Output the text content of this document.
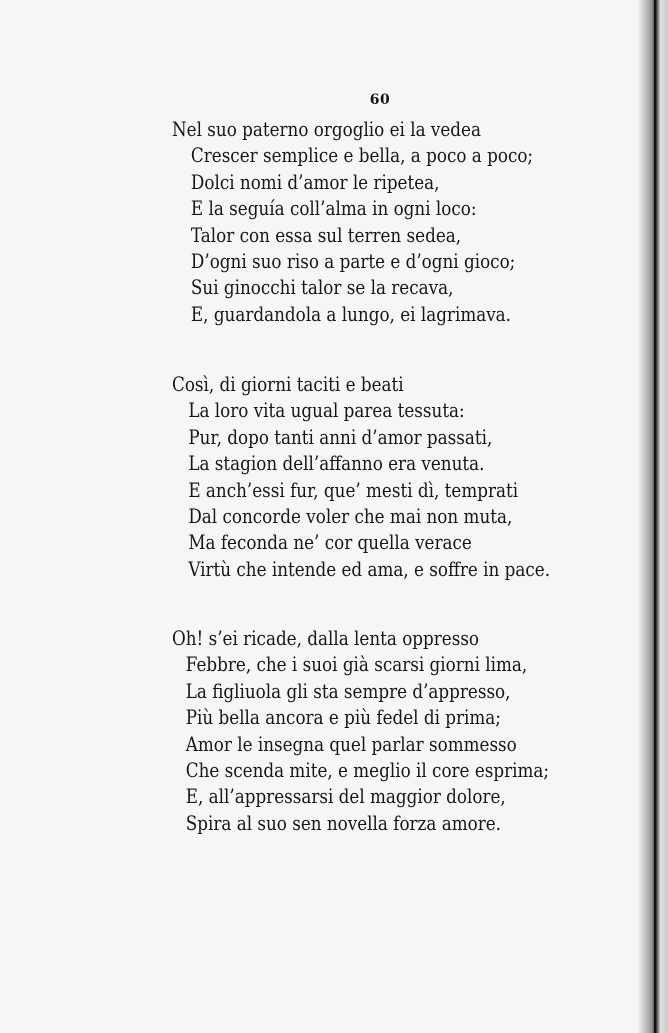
60
Nel suo paterno orgoglio ei la vedea
Crescer semplice e bella, a poco a poco;
Dolci nomi d’amor le ripetea,
E la seguía coll’alma in ogni loco:
Talor con essa sul terren sedea,
D’ogni suo riso a parte e d’ogni gioco;
Sui ginocchi talor se la recava,
E, guardandola a lungo, ei lagrimava.
Così, di giorni taciti e beati
La loro vita ugual parea tessuta:
Pur, dopo tanti anni d’amor passati,
La stagion dell’affanno era venuta.
E anch’essi fur, que’ mesti dì, temprati
Dal concorde voler che mai non muta,
Ma feconda ne’ cor quella verace
Virtù che intende ed ama, e soffre in pace.
Oh! s’ei ricade, dalla lenta oppresso
Febbre, che i suoi già scarsi giorni lima,
La figliuola gli sta sempre d’appresso,
Più bella ancora e più fedel di prima;
Amor le insegna quel parlar sommesso
Che scenda mite, e meglio il core esprima;
E, all’appressarsi del maggior dolore,
Spira al suo sen novella forza amore.
